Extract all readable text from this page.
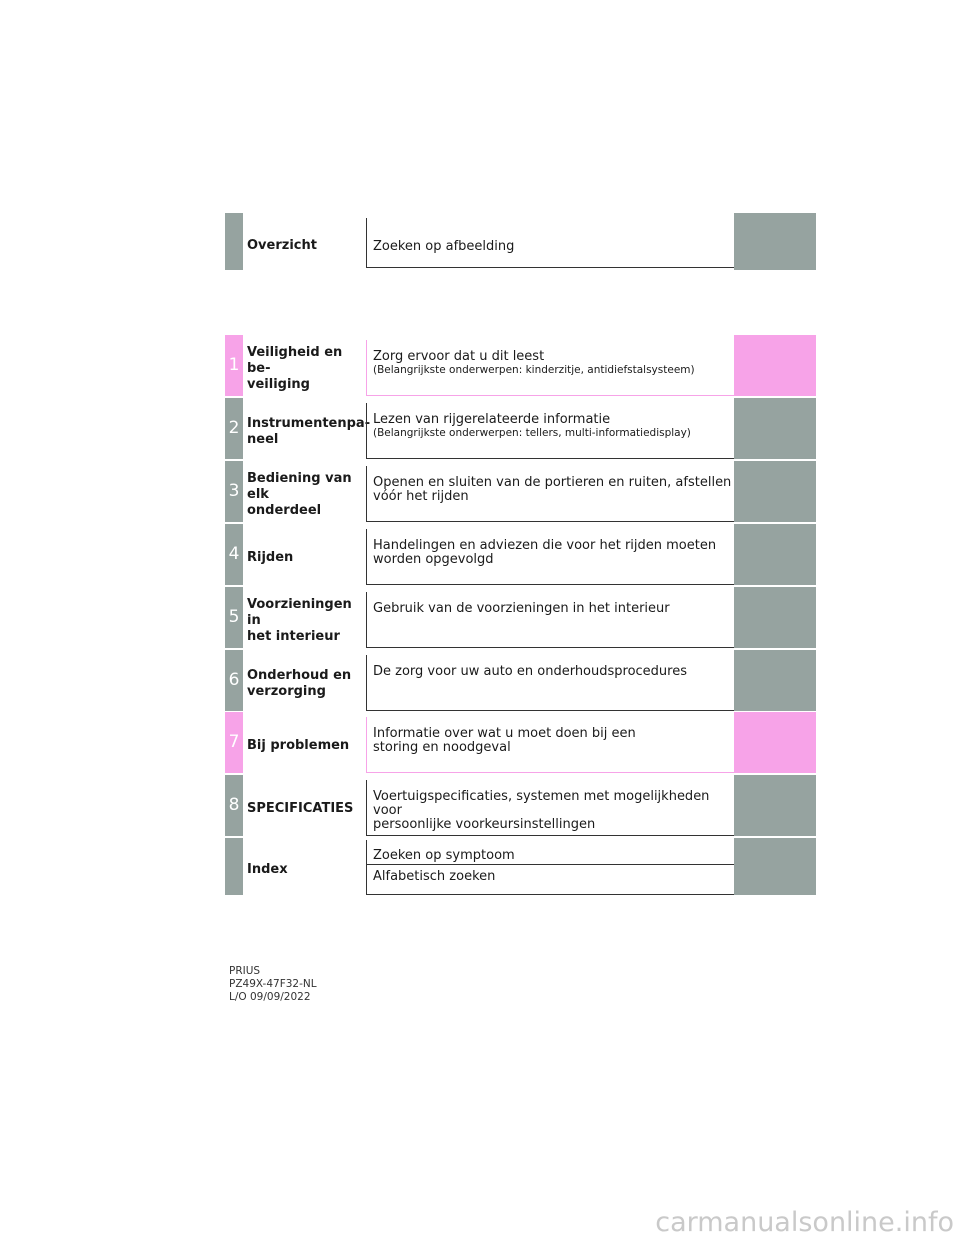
Overzicht	Zoeken op afbeelding
1
Veiligheid en be-
veiliging
Zorg ervoor dat u dit leest
(Belangrijkste onderwerpen: kinderzitje, antidiefstalsysteem)
2 Instrumentenpa-
neel
Lezen van rijgerelateerde informatie
(Belangrijkste onderwerpen: tellers, multi-informatiedisplay)
3
Bediening van elk
onderdeel
Openen en sluiten van de portieren en ruiten, afstellen
vóór het rijden
4 Rijden
Handelingen en adviezen die voor het rijden moeten
worden opgevolgd
5
Voorzieningen in
het interieur
Gebruik van de voorzieningen in het interieur
6 Onderhoud en
verzorging
De zorg voor uw auto en onderhoudsprocedures
7 Bij problemen
Informatie over wat u moet doen bij een
storing en noodgeval
8 SPECIFICATIES
Voertuigspecificaties, systemen met mogelijkheden voor
persoonlijke voorkeursinstellingen
Index
Zoeken op symptoom
Alfabetisch zoeken
PRIUS
PZ49X-47F32-NL
L/O 09/09/2022
carmanualsonline.info
